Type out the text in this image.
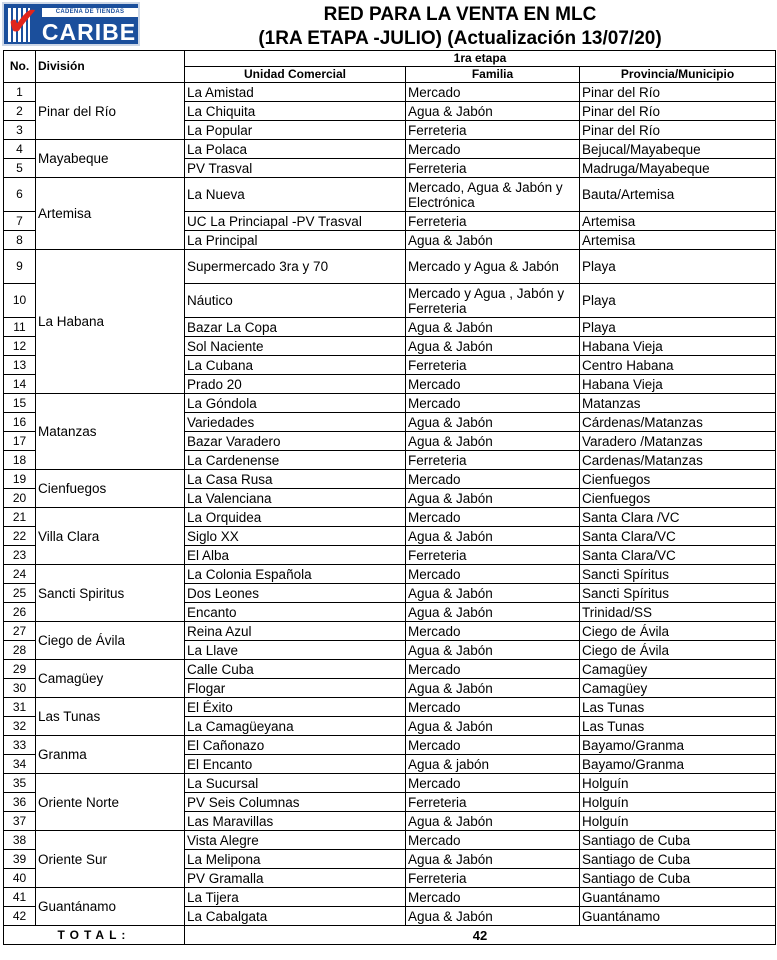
✔	CADENA DE TIENDAS
CARIBE
RED PARA LA VENTA EN MLC
(1RA ETAPA -JULIO) (Actualización 13/07/20)
No.	División	1ra etapa		
		Unidad Comercial	Familia	Provincia/Municipio
1	Pinar del Río	La Amistad	Mercado	Pinar del Río
2		La Chiquita	Agua & Jabón	Pinar del Río
3		La Popular	Ferreteria	Pinar del Río
4	Mayabeque	La Polaca	Mercado	Bejucal/Mayabeque
5		PV Trasval	Ferreteria	Madruga/Mayabeque
6	Artemisa	La Nueva	Mercado, Agua & Jabón y Electrónica	Bauta/Artemisa
7		UC La Princiapal -PV Trasval	Ferreteria	Artemisa
8		La Principal	Agua & Jabón	Artemisa
9	La Habana	Supermercado 3ra y 70	Mercado y Agua & Jabón	Playa
10		Náutico	Mercado y Agua , Jabón y Ferreteria	Playa
11		Bazar La Copa	Agua & Jabón	Playa
12		Sol Naciente	Agua & Jabón	Habana Vieja
13		La Cubana	Ferreteria	Centro Habana
14		Prado 20	Mercado	Habana Vieja
15	Matanzas	La Góndola	Mercado	Matanzas
16		Variedades	Agua & Jabón	Cárdenas/Matanzas
17		Bazar Varadero	Agua & Jabón	Varadero /Matanzas
18		La Cardenense	Ferreteria	Cardenas/Matanzas
19	Cienfuegos	La Casa Rusa	Mercado	Cienfuegos
20		La Valenciana	Agua & Jabón	Cienfuegos
21	Villa Clara	La Orquidea	Mercado	Santa Clara /VC
22		Siglo XX	Agua & Jabón	Santa Clara/VC
23		El Alba	Ferreteria	Santa Clara/VC
24	Sancti Spiritus	La Colonia Española	Mercado	Sancti Spíritus
25		Dos Leones	Agua & Jabón	Sancti Spíritus
26		Encanto	Agua & Jabón	Trinidad/SS
27	Ciego de Ávila	Reina Azul	Mercado	Ciego de Ávila
28		La Llave	Agua & Jabón	Ciego de Ávila
29	Camagüey	Calle Cuba	Mercado	Camagüey
30		Flogar	Agua & Jabón	Camagüey
31	Las Tunas	El Éxito	Mercado	Las Tunas
32		La Camagüeyana	Agua & Jabón	Las Tunas
33	Granma	El Cañonazo	Mercado	Bayamo/Granma
34		El Encanto	Agua & jabón	Bayamo/Granma
35	Oriente Norte	La Sucursal	Mercado	Holguín
36		PV Seis Columnas	Ferreteria	Holguín
37		Las Maravillas	Agua & Jabón	Holguín
38	Oriente Sur	Vista Alegre	Mercado	Santiago de Cuba
39		La Melipona	Agua & Jabón	Santiago de Cuba
40		PV Gramalla	Ferreteria	Santiago de Cuba
41	Guantánamo	La Tijera	Mercado	Guantánamo
42		La Cabalgata	Agua & Jabón	Guantánamo
TOTAL:		42		
